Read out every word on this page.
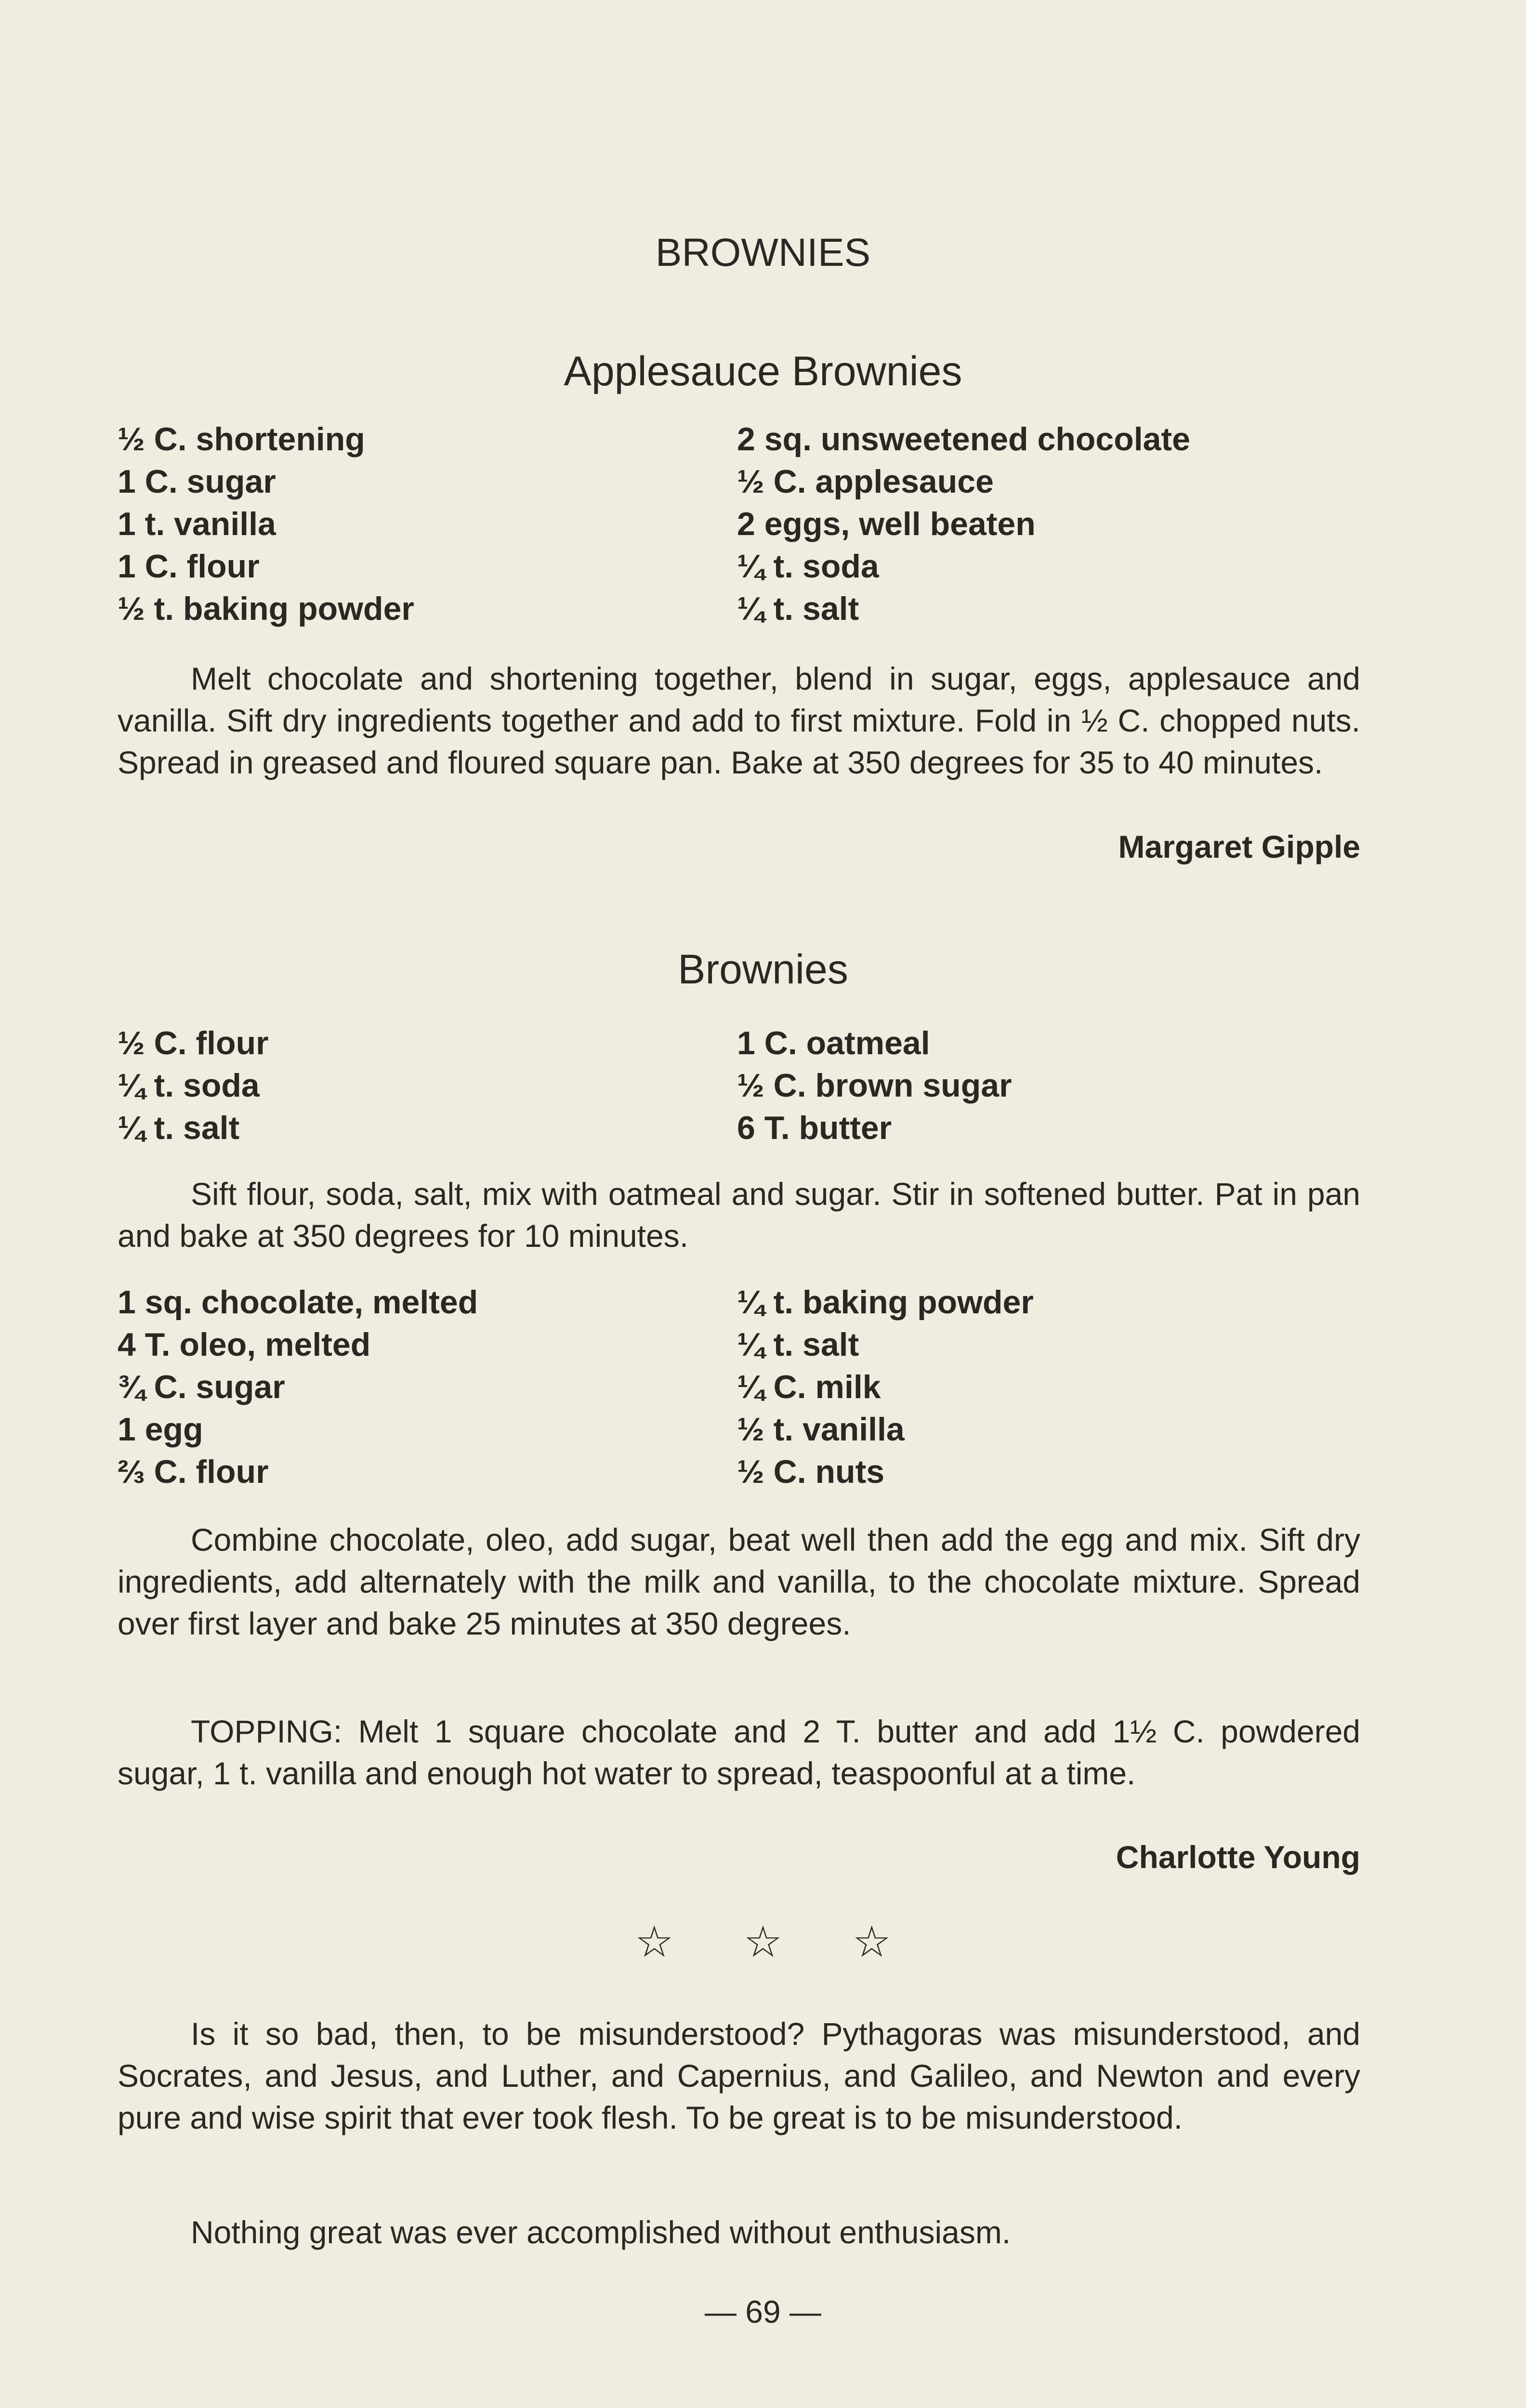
BROWNIES
Applesauce Brownies
½ C. shortening
1 C. sugar
1 t. vanilla
1 C. flour
½ t. baking powder
2 sq. unsweetened chocolate
½ C. applesauce
2 eggs, well beaten
¼ t. soda
¼ t. salt
Melt chocolate and shortening together, blend in sugar, eggs, applesauce and vanilla. Sift dry ingredients together and add to first mixture. Fold in ½ C. chopped nuts. Spread in greased and floured square pan. Bake at 350 degrees for 35 to 40 minutes.
Margaret Gipple
Brownies
½ C. flour
¼ t. soda
¼ t. salt
1 C. oatmeal
½ C. brown sugar
6 T. butter
Sift flour, soda, salt, mix with oatmeal and sugar. Stir in softened butter. Pat in pan and bake at 350 degrees for 10 minutes.
1 sq. chocolate, melted
4 T. oleo, melted
¾ C. sugar
1 egg
⅔ C. flour
¼ t. baking powder
¼ t. salt
¼ C. milk
½ t. vanilla
½ C. nuts
Combine chocolate, oleo, add sugar, beat well then add the egg and mix. Sift dry ingredients, add alternately with the milk and vanilla, to the chocolate mixture. Spread over first layer and bake 25 minutes at 350 degrees.
TOPPING: Melt 1 square chocolate and 2 T. butter and add 1½ C. powdered sugar, 1 t. vanilla and enough hot water to spread, teaspoonful at a time.
Charlotte Young
☆ ☆ ☆
Is it so bad, then, to be misunderstood? Pythagoras was misunderstood, and Socrates, and Jesus, and Luther, and Capernius, and Galileo, and Newton and every pure and wise spirit that ever took flesh. To be great is to be misunderstood.
Nothing great was ever accomplished without enthusiasm.
— 69 —
